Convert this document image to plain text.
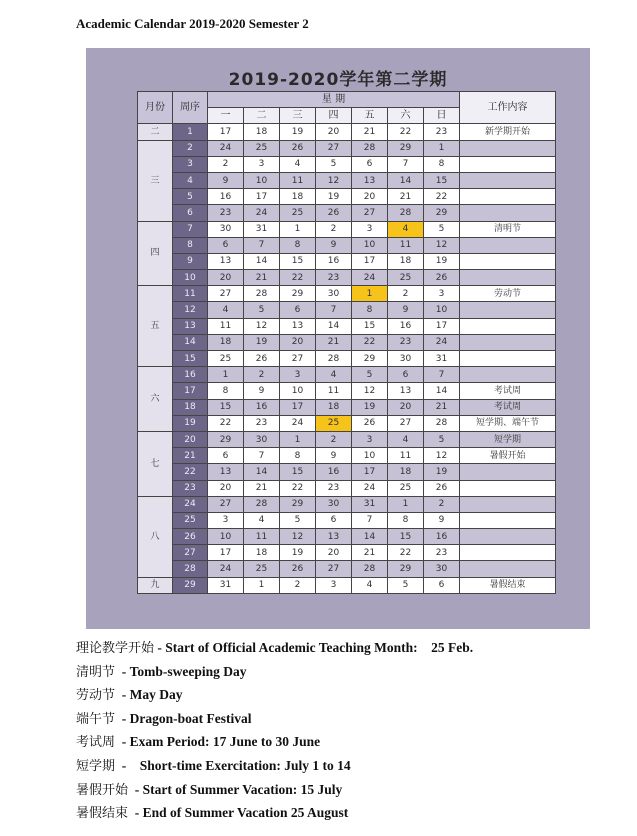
Academic Calendar 2019-2020 Semester 2
2019-2020学年第二学期
月份	周序	星 期							工作内容
		一	二	三	四	五	六	日	
二	1	17	18	19	20	21	22	23	新学期开始
三	2	24	25	26	27	28	29	1	
	3	2	3	4	5	6	7	8	
	4	9	10	11	12	13	14	15	
	5	16	17	18	19	20	21	22	
	6	23	24	25	26	27	28	29	
四	7	30	31	1	2	3	4	5	清明节
	8	6	7	8	9	10	11	12	
	9	13	14	15	16	17	18	19	
	10	20	21	22	23	24	25	26	
五	11	27	28	29	30	1	2	3	劳动节
	12	4	5	6	7	8	9	10	
	13	11	12	13	14	15	16	17	
	14	18	19	20	21	22	23	24	
	15	25	26	27	28	29	30	31	
六	16	1	2	3	4	5	6	7	
	17	8	9	10	11	12	13	14	考试周
	18	15	16	17	18	19	20	21	考试周
	19	22	23	24	25	26	27	28	短学期、端午节
七	20	29	30	1	2	3	4	5	短学期
	21	6	7	8	9	10	11	12	暑假开始
	22	13	14	15	16	17	18	19	
	23	20	21	22	23	24	25	26	
八	24	27	28	29	30	31	1	2	
	25	3	4	5	6	7	8	9	
	26	10	11	12	13	14	15	16	
	27	17	18	19	20	21	22	23	
	28	24	25	26	27	28	29	30	
九	29	31	1	2	3	4	5	6	暑假结束
理论教学开始 - Start of Official Academic Teaching Month:    25 Feb.
清明节  - Tomb-sweeping Day
劳动节  - May Day
端午节  - Dragon-boat Festival
考试周  - Exam Period: 17 June to 30 June
短学期  -    Short-time Exercitation: July 1 to 14
暑假开始  - Start of Summer Vacation: 15 July
暑假结束  - End of Summer Vacation 25 August
